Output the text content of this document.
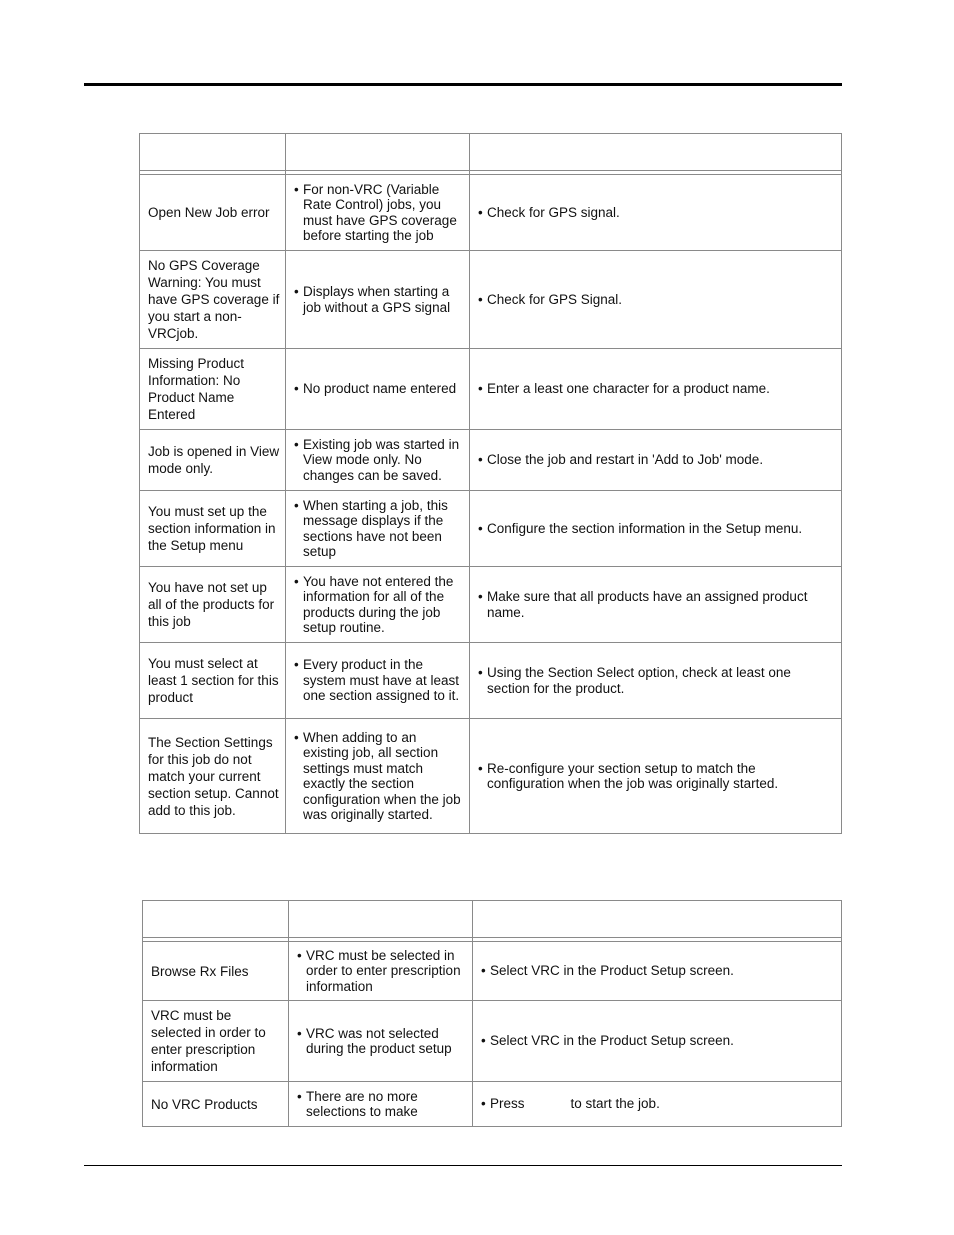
Open New Job error
• For non-VRC (Variable Rate Control) jobs, you must have GPS coverage before starting the job
• Check for GPS signal.
No GPS Coverage Warning: You must have GPS coverage if you start a non-VRCjob.
• Displays when starting a job without a GPS signal
• Check for GPS Signal.
Missing Product Information: No Product Name Entered
• No product name entered • Enter a least one character for a product name.
Job is opened in View mode only.
• Existing job was started in View mode only. No changes can be saved.
• Close the job and restart in 'Add to Job' mode.
You must set up the section information in the Setup menu
• When starting a job, this message displays if the sections have not been setup
• Configure the section information in the Setup menu.
You have not set up all of the products for this job
• You have not entered the information for all of the products during the job setup routine.
• Make sure that all products have an assigned product name.
You must select at least 1 section for this product
• Every product in the system must have at least one section assigned to it.
• Using the Section Select option, check at least one section for the product.
The Section Settings for this job do not match your current section setup. Cannot add to this job.
• When adding to an existing job, all section settings must match exactly the section configuration when the job was originally started.
• Re-configure your section setup to match the configuration when the job was originally started.
Browse Rx Files
• VRC must be selected in order to enter prescription information
• Select VRC in the Product Setup screen.
VRC must be selected in order to enter prescription information
• VRC was not selected during the product setup
• Select VRC in the Product Setup screen.
No VRC Products
• There are no more selections to make
• Press	to start the job.
